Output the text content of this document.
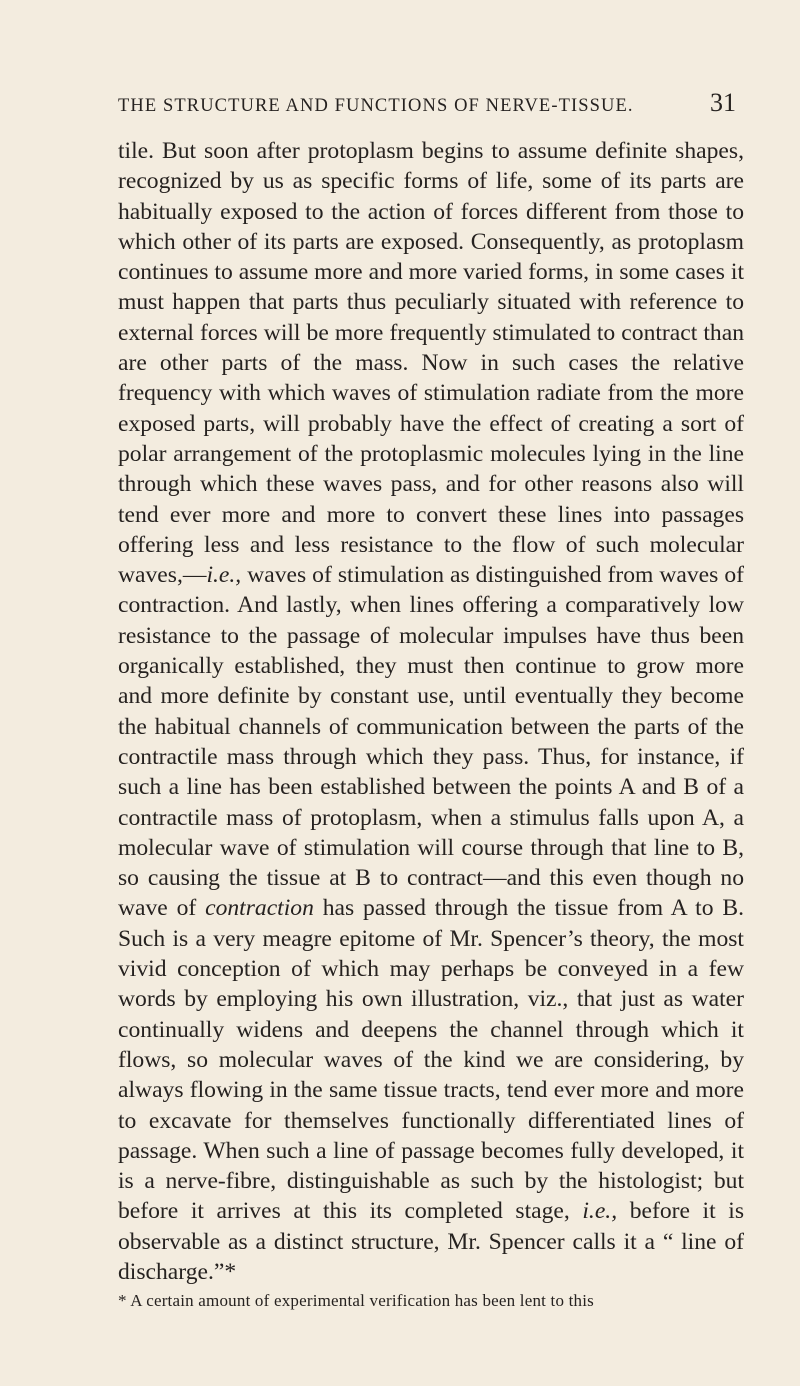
THE STRUCTURE AND FUNCTIONS OF NERVE-TISSUE.	31

tile. But soon after protoplasm begins to assume definite shapes, recognized by us as specific forms of life, some of its parts are habitually exposed to the action of forces different from those to which other of its parts are exposed. Consequently, as protoplasm continues to assume more and more varied forms, in some cases it must happen that parts thus peculiarly situated with reference to external forces will be more frequently stimulated to contract than are other parts of the mass. Now in such cases the relative frequency with which waves of stimulation radiate from the more exposed parts, will probably have the effect of creating a sort of polar arrangement of the protoplasmic molecules lying in the line through which these waves pass, and for other reasons also will tend ever more and more to convert these lines into passages offering less and less resistance to the flow of such molecular waves,—i.e., waves of stimulation as distinguished from waves of contraction. And lastly, when lines offering a comparatively low resistance to the passage of molecular impulses have thus been organically established, they must then continue to grow more and more definite by constant use, until eventually they become the habitual channels of communication between the parts of the contractile mass through which they pass. Thus, for instance, if such a line has been established between the points A and B of a contractile mass of protoplasm, when a stimulus falls upon A, a molecular wave of stimulation will course through that line to B, so causing the tissue at B to contract—and this even though no wave of contraction has passed through the tissue from A to B. Such is a very meagre epitome of Mr. Spencer’s theory, the most vivid conception of which may perhaps be conveyed in a few words by employing his own illustration, viz., that just as water continually widens and deepens the channel through which it flows, so molecular waves of the kind we are considering, by always flowing in the same tissue tracts, tend ever more and more to excavate for themselves functionally differentiated lines of passage. When such a line of passage becomes fully developed, it is a nerve-fibre, distinguishable as such by the histologist; but before it arrives at this its completed stage, i.e., before it is observable as a distinct structure, Mr. Spencer calls it a “ line of discharge.”*

* A certain amount of experimental verification has been lent to this
